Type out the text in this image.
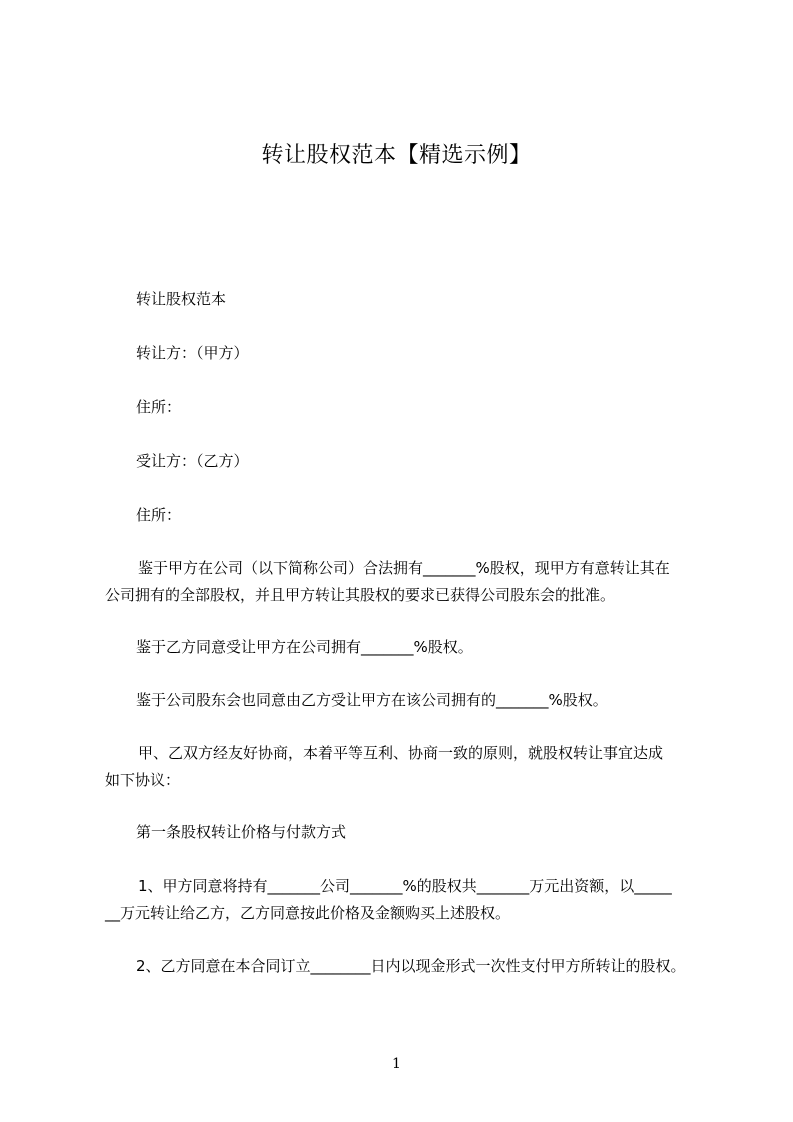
转让股权范本【精选示例】
转让股权范本
转让方：（甲方）
住所：
受让方：（乙方）
住所：
鉴于甲方在公司（以下简称公司）合法拥有_______%股权，现甲方有意转让其在
公司拥有的全部股权，并且甲方转让其股权的要求已获得公司股东会的批准。
鉴于乙方同意受让甲方在公司拥有_______%股权。
鉴于公司股东会也同意由乙方受让甲方在该公司拥有的_______%股权。
甲、乙双方经友好协商，本着平等互利、协商一致的原则，就股权转让事宜达成
如下协议：
第一条股权转让价格与付款方式
1、甲方同意将持有_______公司_______%的股权共_______万元出资额，以_____
__万元转让给乙方，乙方同意按此价格及金额购买上述股权。
2、乙方同意在本合同订立________日内以现金形式一次性支付甲方所转让的股权。
1
